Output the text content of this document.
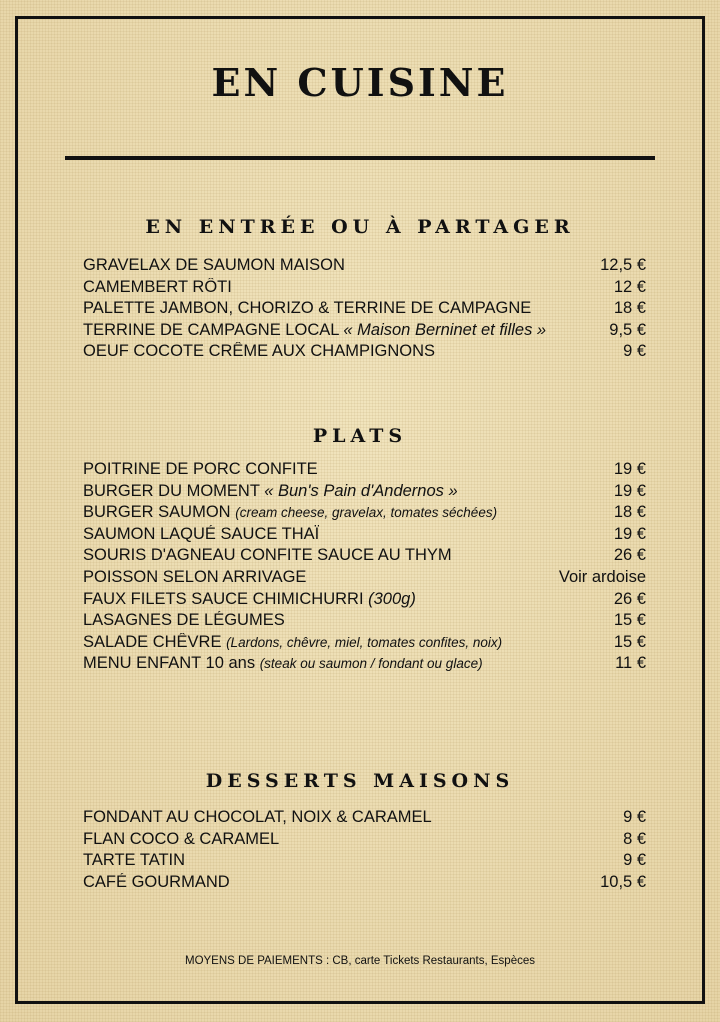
EN CUISINE
EN ENTRÉE OU À PARTAGER
GRAVELAX DE SAUMON MAISON	12,5 €
CAMEMBERT RÔTI	12 €
PALETTE JAMBON, CHORIZO & TERRINE DE CAMPAGNE	18 €
TERRINE DE CAMPAGNE LOCAL « Maison Berninet et filles »	9,5 €
OEUF COCOTE CRÊME AUX CHAMPIGNONS	9 €
PLATS
POITRINE DE PORC CONFITE	19 €
BURGER DU MOMENT « Bun's Pain d'Andernos »	19 €
BURGER SAUMON (cream cheese, gravelax, tomates séchées)	18 €
SAUMON LAQUÉ SAUCE THAÏ	19 €
SOURIS D'AGNEAU CONFITE SAUCE AU THYM	26 €
POISSON SELON ARRIVAGE	Voir ardoise
FAUX FILETS SAUCE CHIMICHURRI (300g)	26 €
LASAGNES DE LÉGUMES	15 €
SALADE CHÊVRE (Lardons, chêvre, miel, tomates confites, noix)	15 €
MENU ENFANT 10 ans (steak ou saumon / fondant ou glace)	11 €
DESSERTS MAISONS
FONDANT AU CHOCOLAT, NOIX & CARAMEL	9 €
FLAN COCO & CARAMEL	8 €
TARTE TATIN	9 €
CAFÉ GOURMAND	10,5 €
MOYENS DE PAIEMENTS : CB, carte Tickets Restaurants, Espèces
